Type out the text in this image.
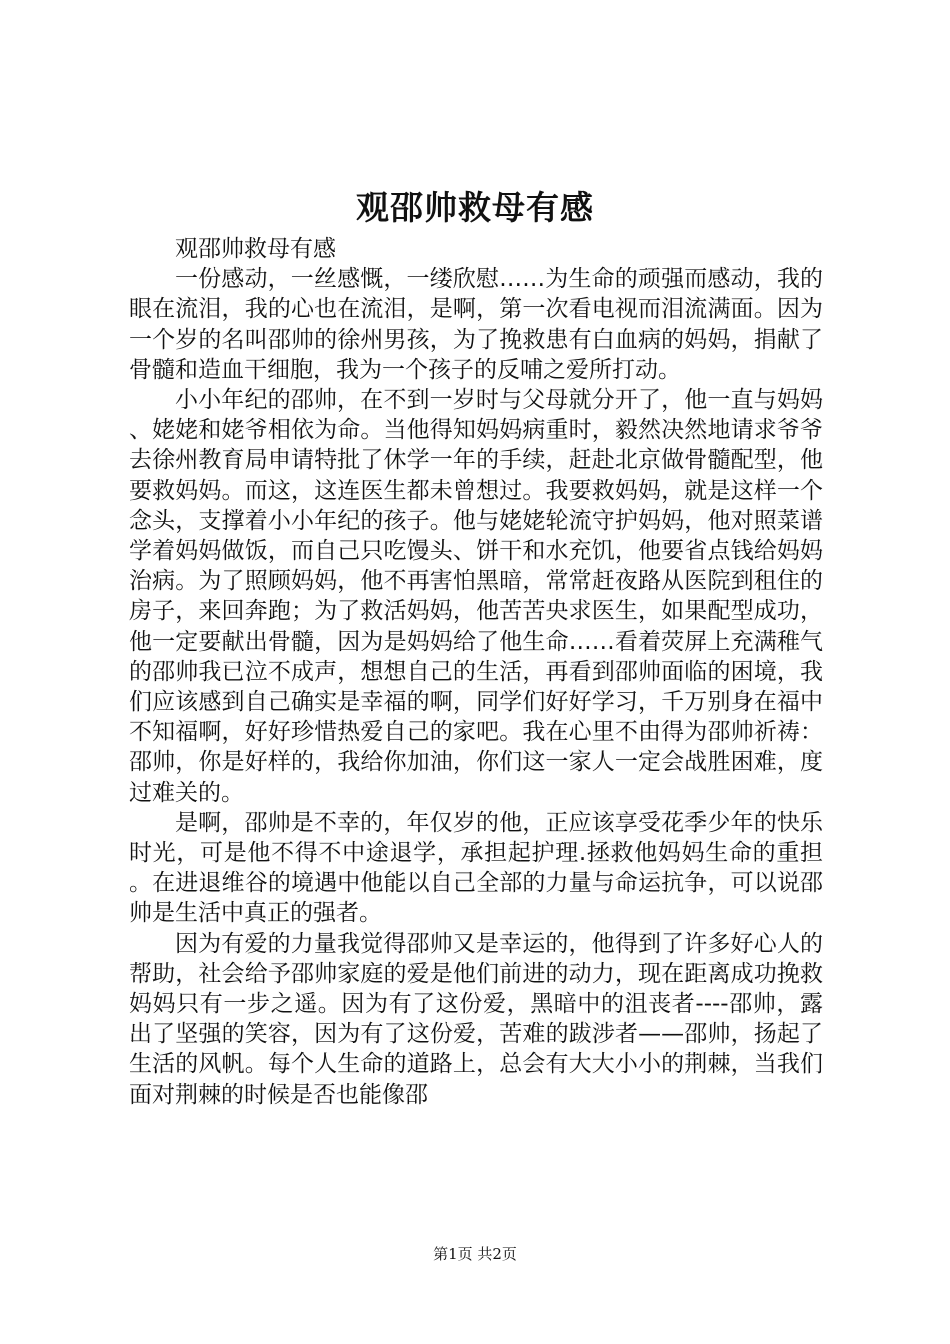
观邵帅救母有感

观邵帅救母有感

一份感动，一丝感慨，一缕欣慰……为生命的顽强而感动，我的眼在流泪，我的心也在流泪，是啊，第一次看电视而泪流满面。因为一个岁的名叫邵帅的徐州男孩，为了挽救患有白血病的妈妈，捐献了骨髓和造血干细胞，我为一个孩子的反哺之爱所打动。

小小年纪的邵帅，在不到一岁时与父母就分开了，他一直与妈妈、姥姥和姥爷相依为命。当他得知妈妈病重时，毅然决然地请求爷爷去徐州教育局申请特批了休学一年的手续，赶赴北京做骨髓配型，他要救妈妈。而这，这连医生都未曾想过。我要救妈妈，就是这样一个念头，支撑着小小年纪的孩子。他与姥姥轮流守护妈妈，他对照菜谱学着妈妈做饭，而自己只吃馒头、饼干和水充饥，他要省点钱给妈妈治病。为了照顾妈妈，他不再害怕黑暗，常常赶夜路从医院到租住的房子，来回奔跑；为了救活妈妈，他苦苦央求医生，如果配型成功，他一定要献出骨髓，因为是妈妈给了他生命……看着荧屏上充满稚气的邵帅我已泣不成声，想想自己的生活，再看到邵帅面临的困境，我们应该感到自己确实是幸福的啊，同学们好好学习，千万别身在福中不知福啊，好好珍惜热爱自己的家吧。我在心里不由得为邵帅祈祷：邵帅，你是好样的，我给你加油，你们这一家人一定会战胜困难，度过难关的。

是啊，邵帅是不幸的，年仅岁的他，正应该享受花季少年的快乐时光，可是他不得不中途退学，承担起护理.拯救他妈妈生命的重担。在进退维谷的境遇中他能以自己全部的力量与命运抗争，可以说邵帅是生活中真正的强者。

因为有爱的力量我觉得邵帅又是幸运的，他得到了许多好心人的帮助，社会给予邵帅家庭的爱是他们前进的动力，现在距离成功挽救妈妈只有一步之遥。因为有了这份爱，黑暗中的沮丧者----邵帅，露出了坚强的笑容，因为有了这份爱，苦难的跋涉者——邵帅，扬起了生活的风帆。每个人生命的道路上，总会有大大小小的荆棘，当我们面对荆棘的时候是否也能像邵

第1页 共2页
